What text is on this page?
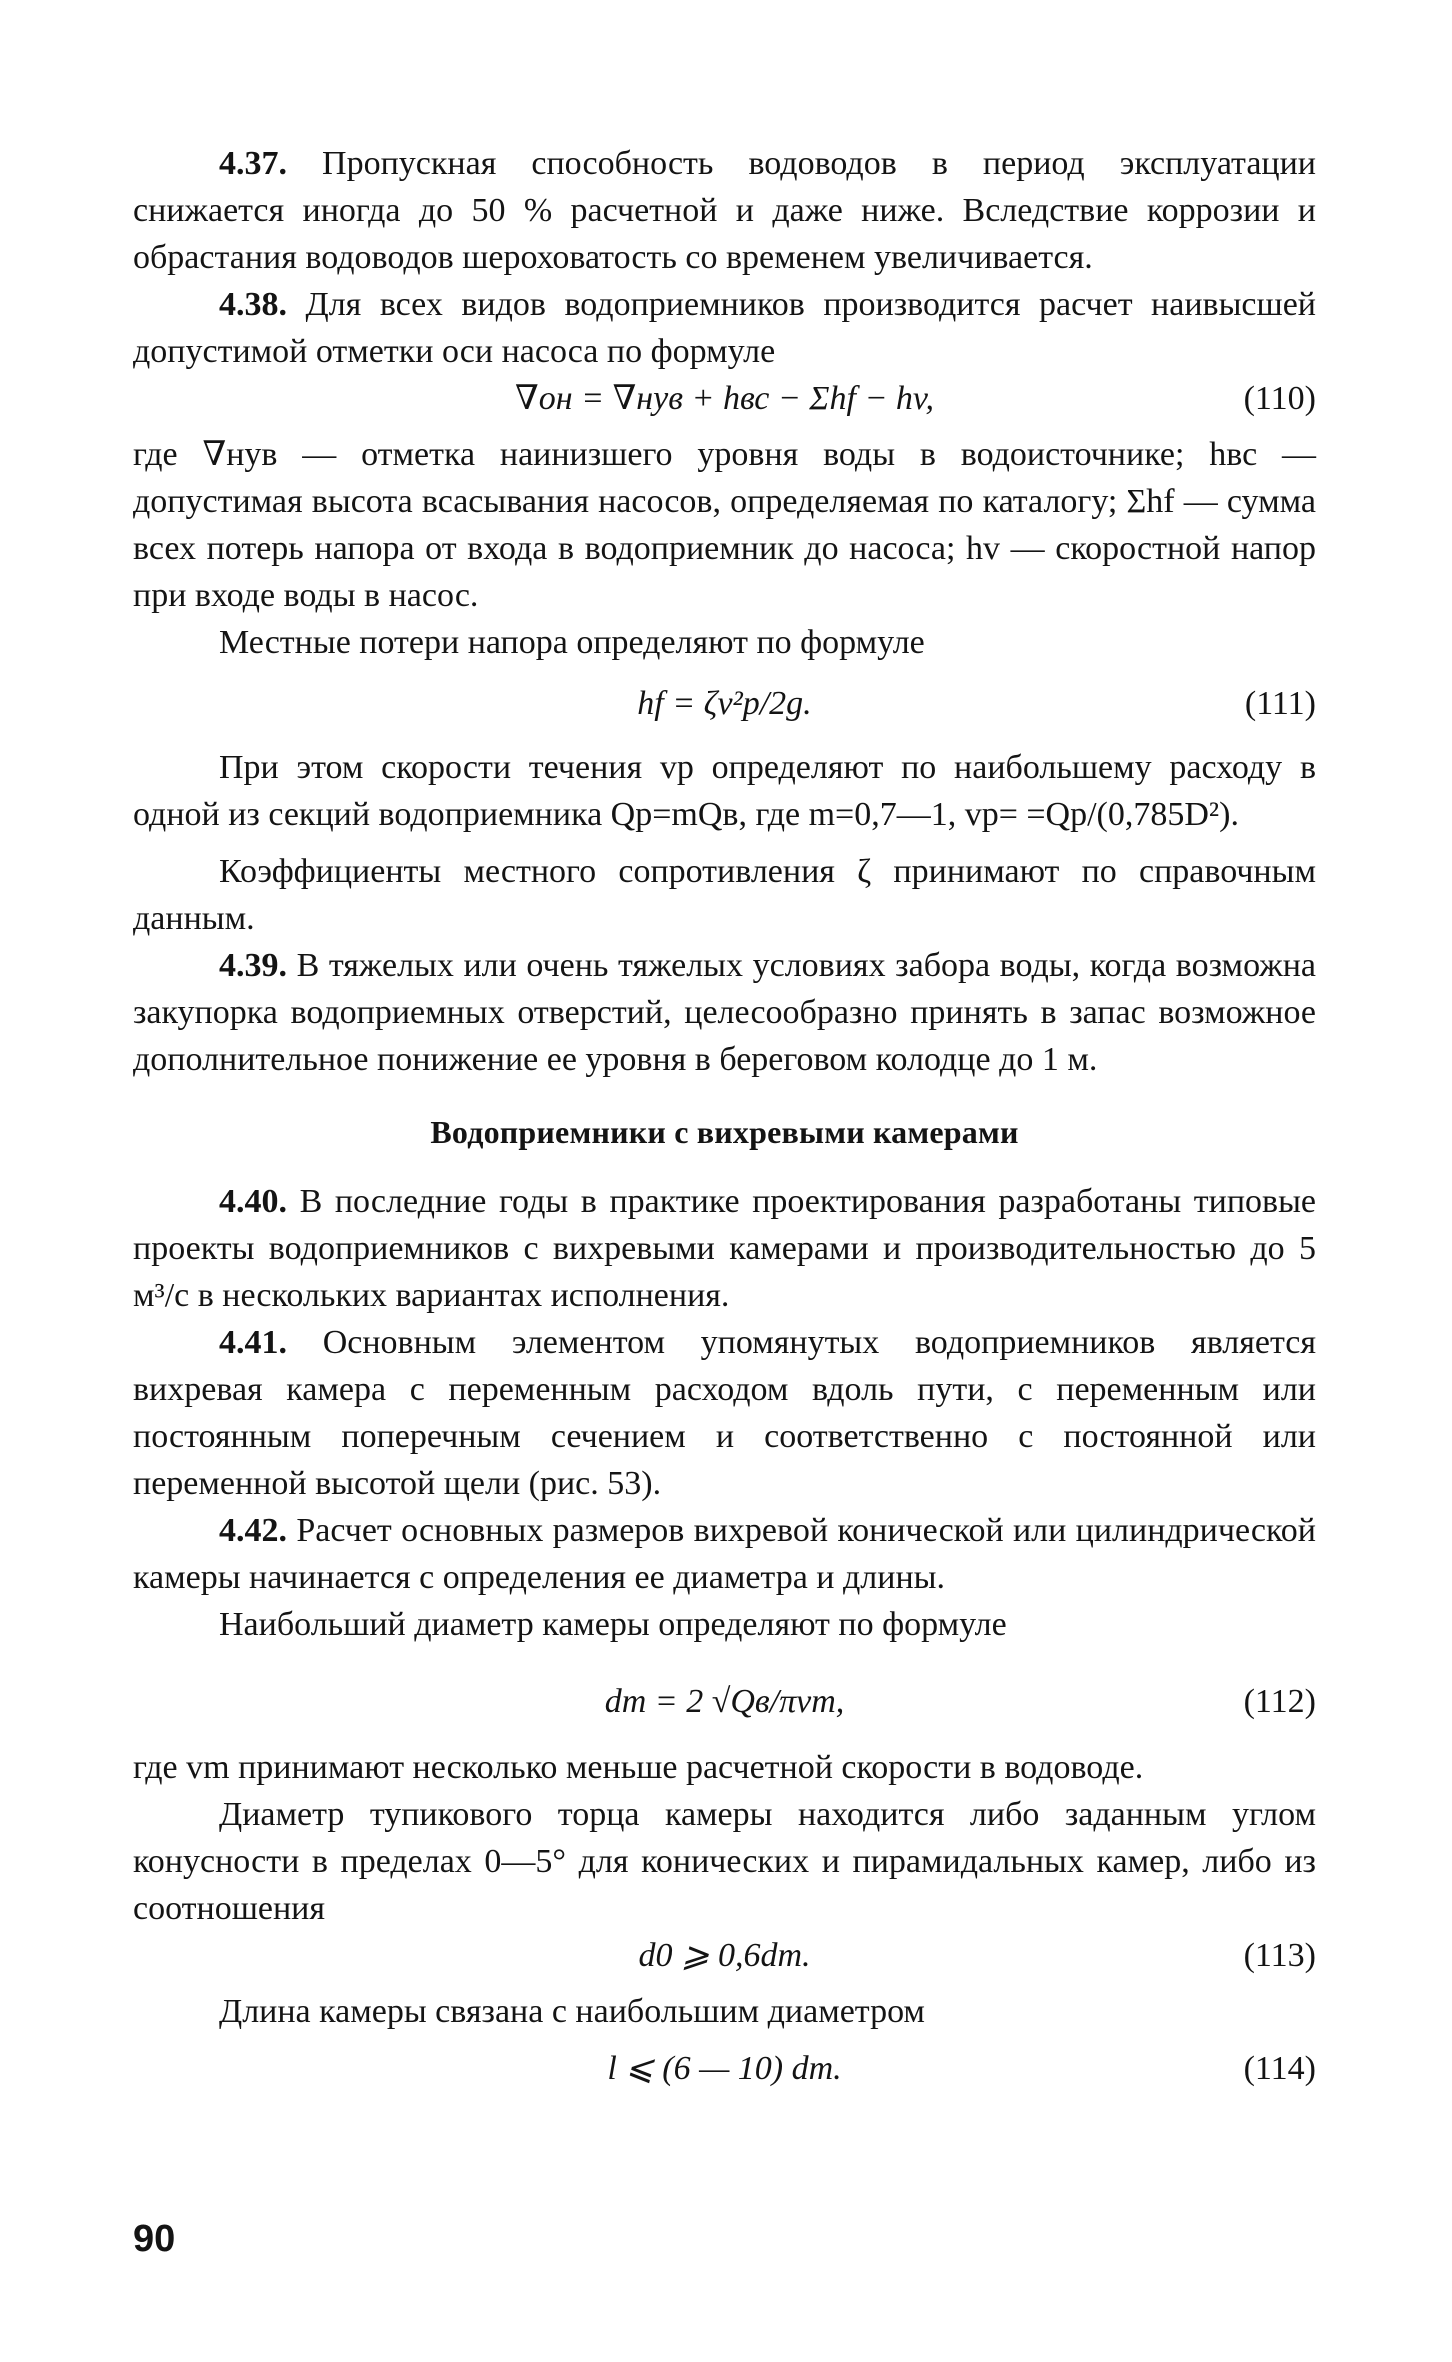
4.37. Пропускная способность водоводов в период эксплуатации снижается иногда до 50 % расчетной и даже ниже. Вследствие коррозии и обрастания водоводов шероховатость со временем увеличивается.

4.38. Для всех видов водоприемников производится расчет наивысшей допустимой отметки оси насоса по формуле

∇он = ∇нув + hвс − Σhf − hv,	(110)

где ∇нув — отметка наинизшего уровня воды в водоисточнике; hвс — допустимая высота всасывания насосов, определяемая по каталогу; Σhf — сумма всех потерь напора от входа в водоприемник до насоса; hv — скоростной напор при входе воды в насос.

Местные потери напора определяют по формуле

hf = ζv²р/2g.	(111)

При этом скорости течения vр определяют по наибольшему расходу в одной из секций водоприемника Qр=mQв, где m=0,7—1, vр= =Qр/(0,785D²).

Коэффициенты местного сопротивления ζ принимают по справочным данным.

4.39. В тяжелых или очень тяжелых условиях забора воды, когда возможна закупорка водоприемных отверстий, целесообразно принять в запас возможное дополнительное понижение ее уровня в береговом колодце до 1 м.

Водоприемники с вихревыми камерами

4.40. В последние годы в практике проектирования разработаны типовые проекты водоприемников с вихревыми камерами и производительностью до 5 м³/с в нескольких вариантах исполнения.

4.41. Основным элементом упомянутых водоприемников является вихревая камера с переменным расходом вдоль пути, с переменным или постоянным поперечным сечением и соответственно с постоянной или переменной высотой щели (рис. 53).

4.42. Расчет основных размеров вихревой конической или цилиндрической камеры начинается с определения ее диаметра и длины.

Наибольший диаметр камеры определяют по формуле

dm = 2 √Qв/πvm,	(112)

где vm принимают несколько меньше расчетной скорости в водоводе.

Диаметр тупикового торца камеры находится либо заданным углом конусности в пределах 0—5° для конических и пирамидальных камер, либо из соотношения

d0 ⩾ 0,6dm.	(113)

Длина камеры связана с наибольшим диаметром

l ⩽ (6 — 10) dm.	(114)
90
